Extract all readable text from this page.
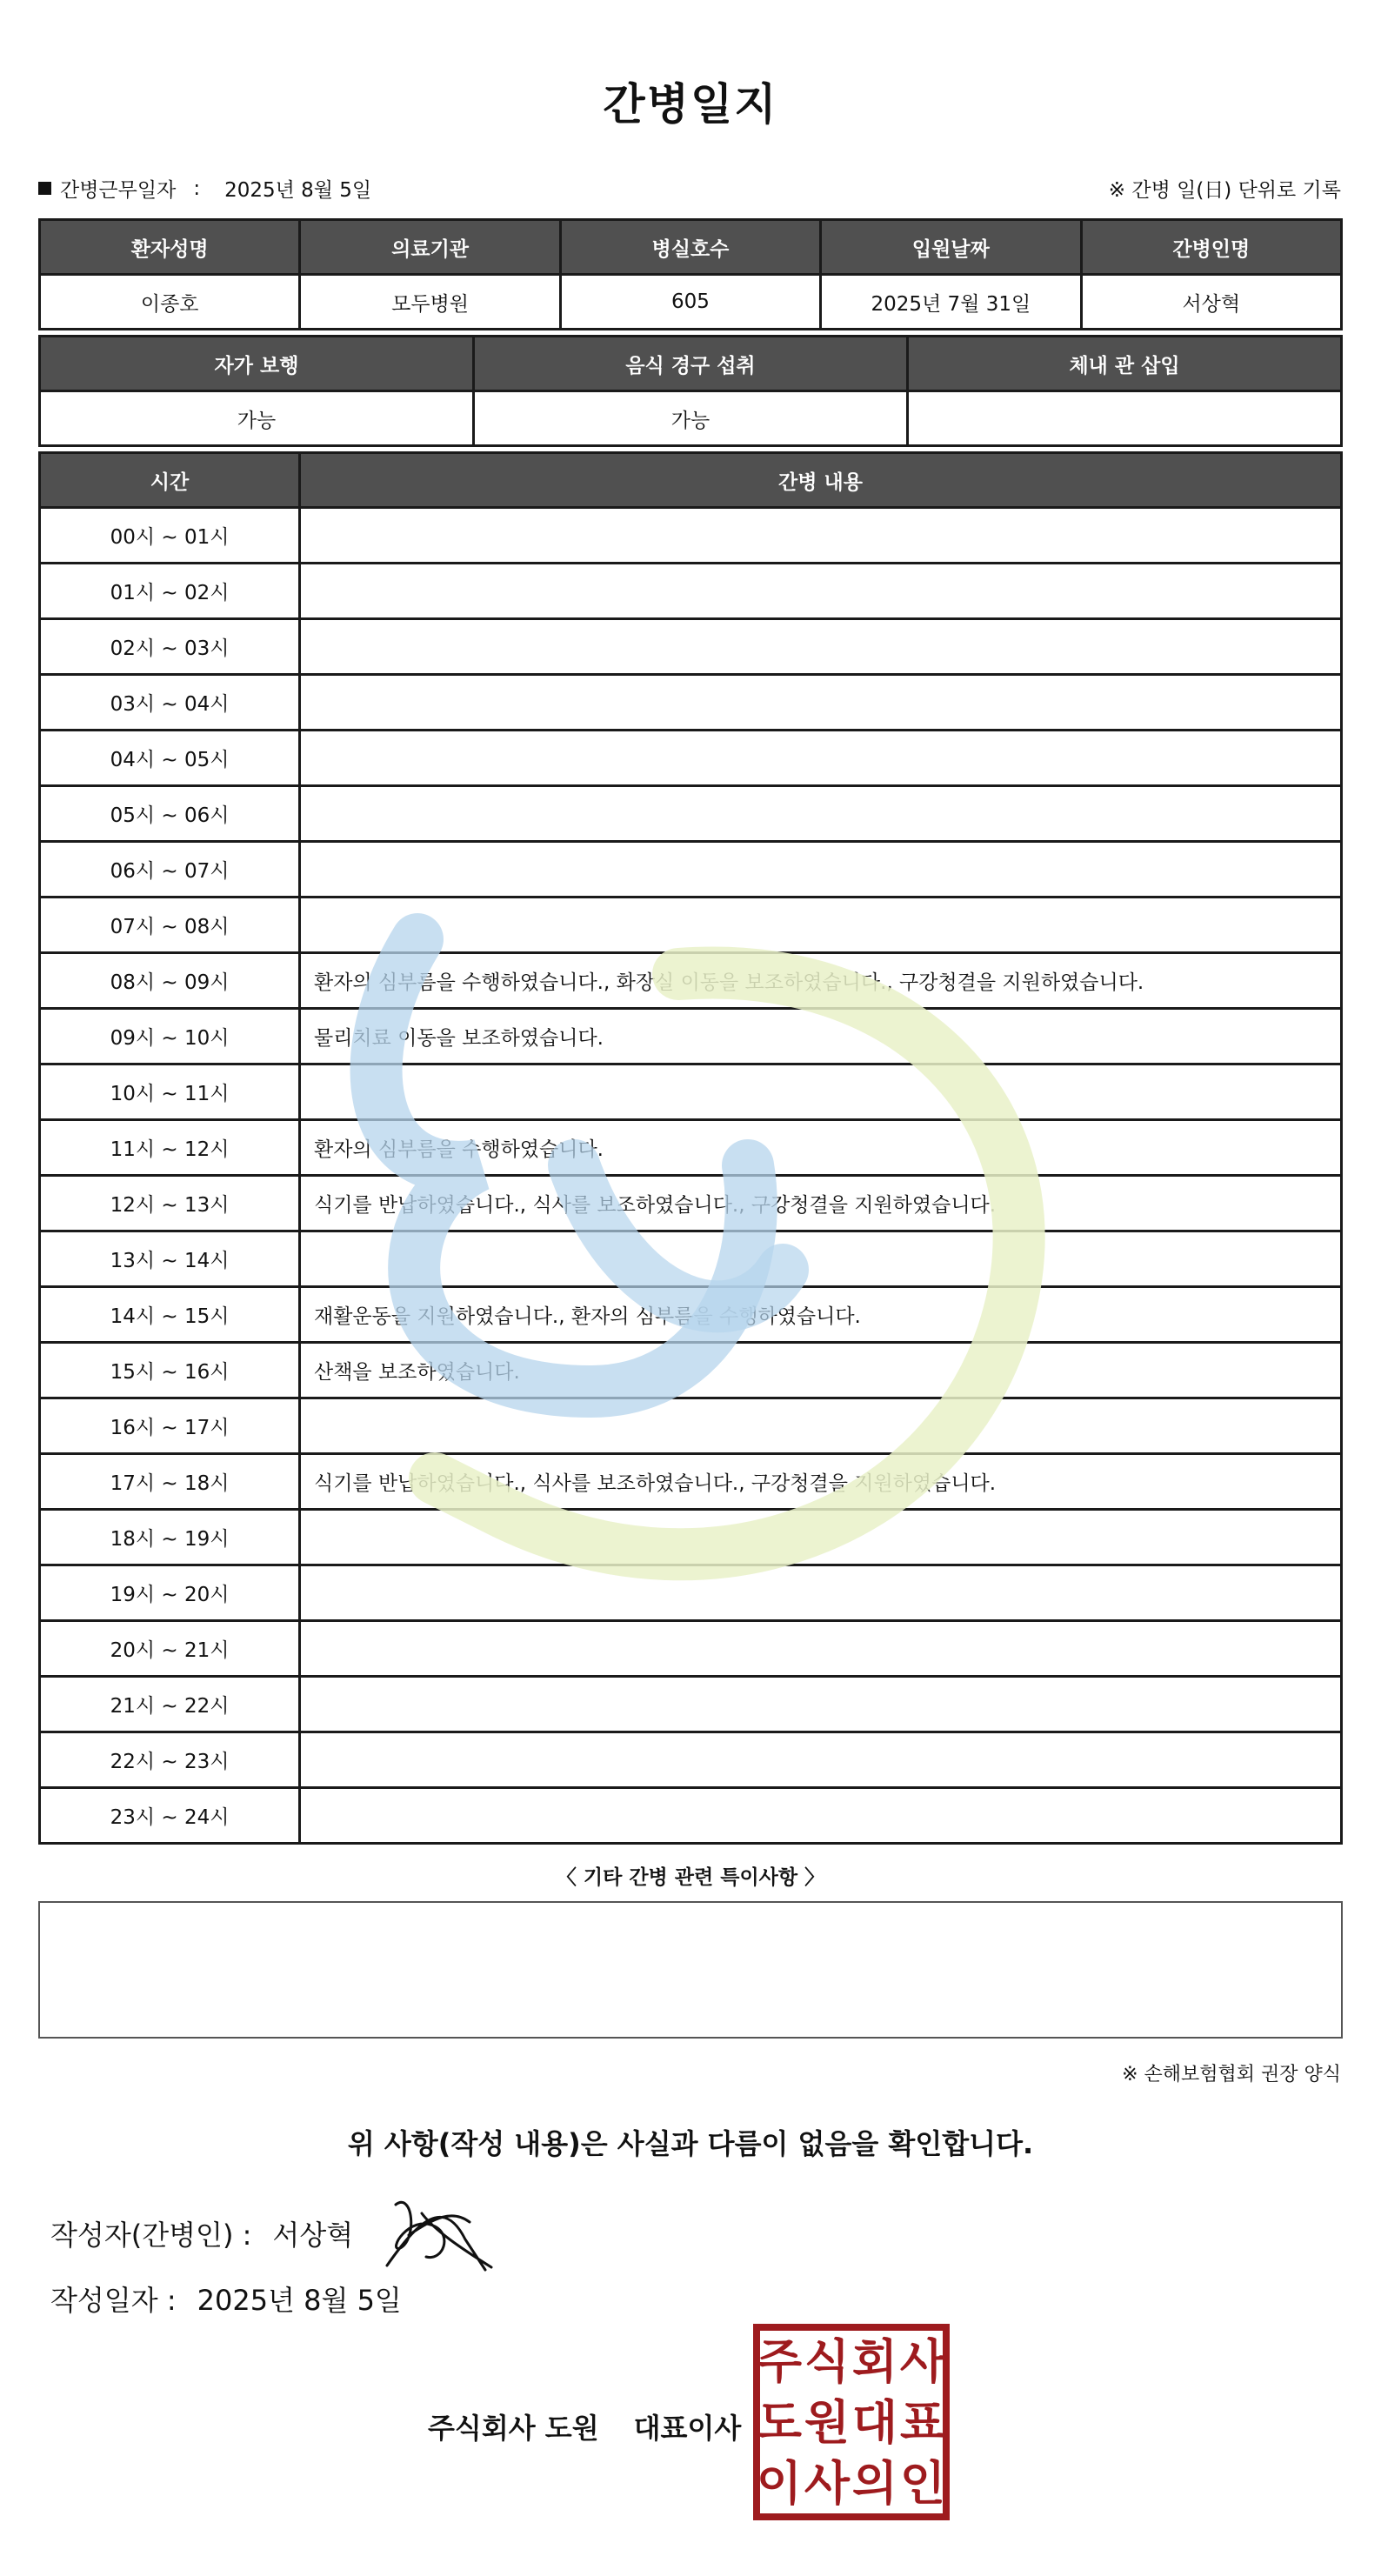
간병일지
간병근무일자 : 2025년 8월 5일	※ 간병 일(日) 단위로 기록
환자성명	의료기관	병실호수	입원날짜	간병인명
이종호	모두병원	605	2025년 7월 31일	서상혁
자가 보행	음식 경구 섭취	체내 관 삽입
가능	가능	
시간	간병 내용
00시 ~ 01시	
01시 ~ 02시	
02시 ~ 03시	
03시 ~ 04시	
04시 ~ 05시	
05시 ~ 06시	
06시 ~ 07시	
07시 ~ 08시	
08시 ~ 09시	환자의 심부름을 수행하였습니다., 화장실 이동을 보조하였습니다., 구강청결을 지원하였습니다.
09시 ~ 10시	물리치료 이동을 보조하였습니다.
10시 ~ 11시	
11시 ~ 12시	환자의 심부름을 수행하였습니다.
12시 ~ 13시	식기를 반납하였습니다., 식사를 보조하였습니다., 구강청결을 지원하였습니다.
13시 ~ 14시	
14시 ~ 15시	재활운동을 지원하였습니다., 환자의 심부름을 수행하였습니다.
15시 ~ 16시	산책을 보조하였습니다.
16시 ~ 17시	
17시 ~ 18시	식기를 반납하였습니다., 식사를 보조하였습니다., 구강청결을 지원하였습니다.
18시 ~ 19시	
19시 ~ 20시	
20시 ~ 21시	
21시 ~ 22시	
22시 ~ 23시	
23시 ~ 24시	
〈 기타 간병 관련 특이사항 〉
※ 손해보험협회 권장 양식
위 사항(작성 내용)은 사실과 다름이 없음을 확인합니다.
작성자(간병인) : 서상혁
작성일자 : 2025년 8월 5일
주식회사 도원 대표이사
주 식 회 사
도 원 대 표
이 사 의 인
